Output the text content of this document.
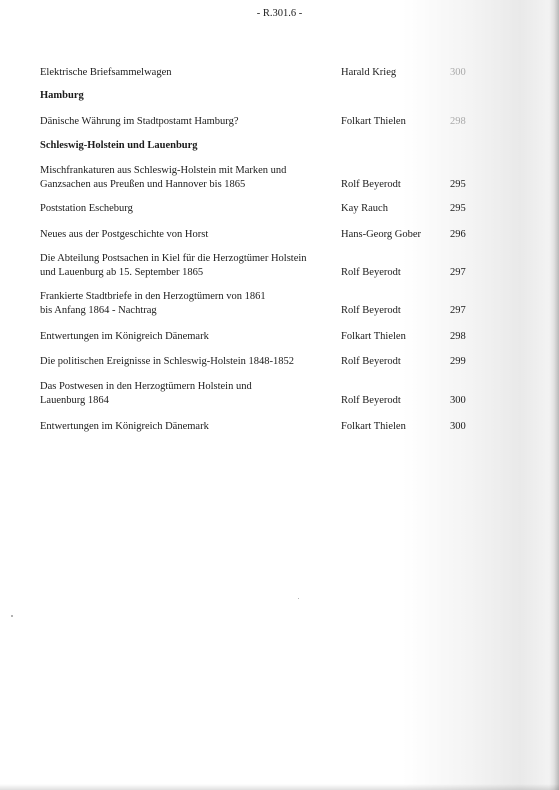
- R.301.6 -
Elektrische Briefsammelwagen	Harald Krieg	300
Hamburg
Dänische Währung im Stadtpostamt Hamburg?	Folkart Thielen	298
Schleswig-Holstein und Lauenburg
Mischfrankaturen aus Schleswig-Holstein mit Marken und
Ganzsachen aus Preußen und Hannover bis 1865	Rolf Beyerodt	295
Poststation Escheburg	Kay Rauch	295
Neues aus der Postgeschichte von Horst	Hans-Georg Gober	296
Die Abteilung Postsachen in Kiel für die Herzogtümer Holstein
und Lauenburg ab 15. September 1865	Rolf Beyerodt	297
Frankierte Stadtbriefe in den Herzogtümern von 1861
bis Anfang 1864 - Nachtrag	Rolf Beyerodt	297
Entwertungen im Königreich Dänemark	Folkart Thielen	298
Die politischen Ereignisse in Schleswig-Holstein 1848-1852	Rolf Beyerodt	299
Das Postwesen in den Herzogtümern Holstein und
Lauenburg 1864	Rolf Beyerodt	300
Entwertungen im Königreich Dänemark	Folkart Thielen	300
